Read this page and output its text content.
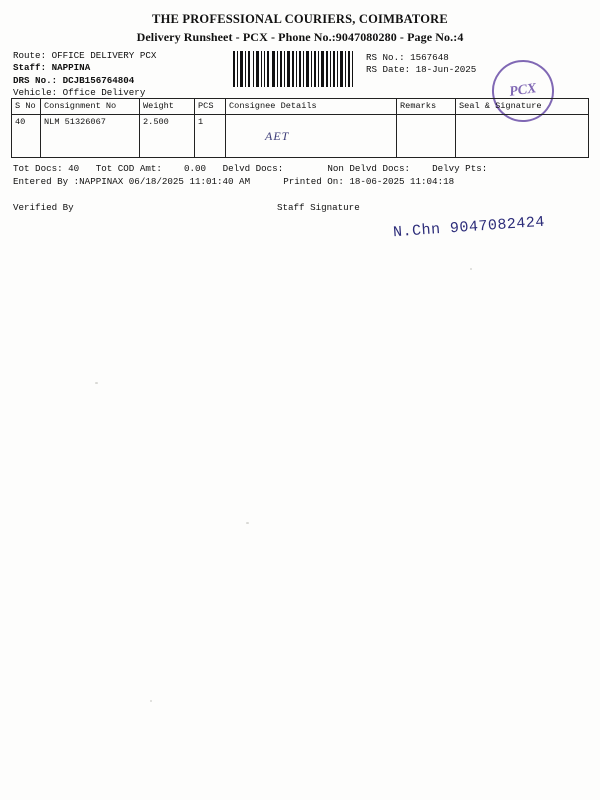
THE PROFESSIONAL COURIERS, COIMBATORE
Delivery Runsheet - PCX - Phone No.:9047080280 - Page No.:4
Route: OFFICE DELIVERY PCX
Staff: NAPPINA
DRS No.: DCJB156764804
Vehicle: Office Delivery
RS No.: 1567648
RS Date: 18-Jun-2025
PCX
S No	Consignment No	Weight	PCS	Consignee Details	Remarks	Seal & Signature
40	NLM 51326067	2.500	1	AET		

N.Chn 9047082424
Tot Docs: 40 Tot COD Amt: 0.00 Delvd Docs:	Non Delvd Docs: Delvy Pts:
Entered By :NAPPINAX 06/18/2025 11:01:40 AM	Printed On: 18-06-2025 11:04:18
Verified By	Staff Signature
